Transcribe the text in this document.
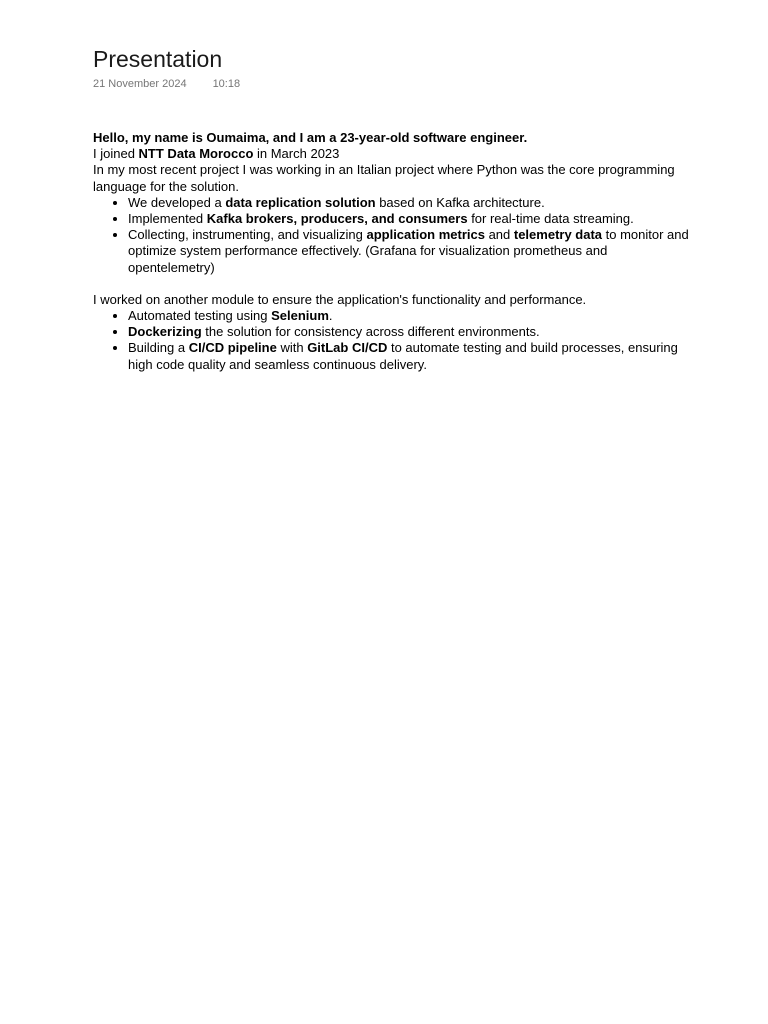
Presentation
21 November 2024 10:18

Hello, my name is Oumaima, and I am a 23-year-old software engineer.

I joined NTT Data Morocco in March 2023

In my most recent project I was working in an Italian project where Python was the core programming language for the solution.

• We developed a data replication solution based on Kafka architecture.
• Implemented Kafka brokers, producers, and consumers for real-time data streaming.
• Collecting, instrumenting, and visualizing application metrics and telemetry data to monitor and optimize system performance effectively. (Grafana for visualization prometheus and opentelemetry)

I worked on another module to ensure the application's functionality and performance.

• Automated testing using Selenium.
• Dockerizing the solution for consistency across different environments.
• Building a CI/CD pipeline with GitLab CI/CD to automate testing and build processes, ensuring high code quality and seamless continuous delivery.
